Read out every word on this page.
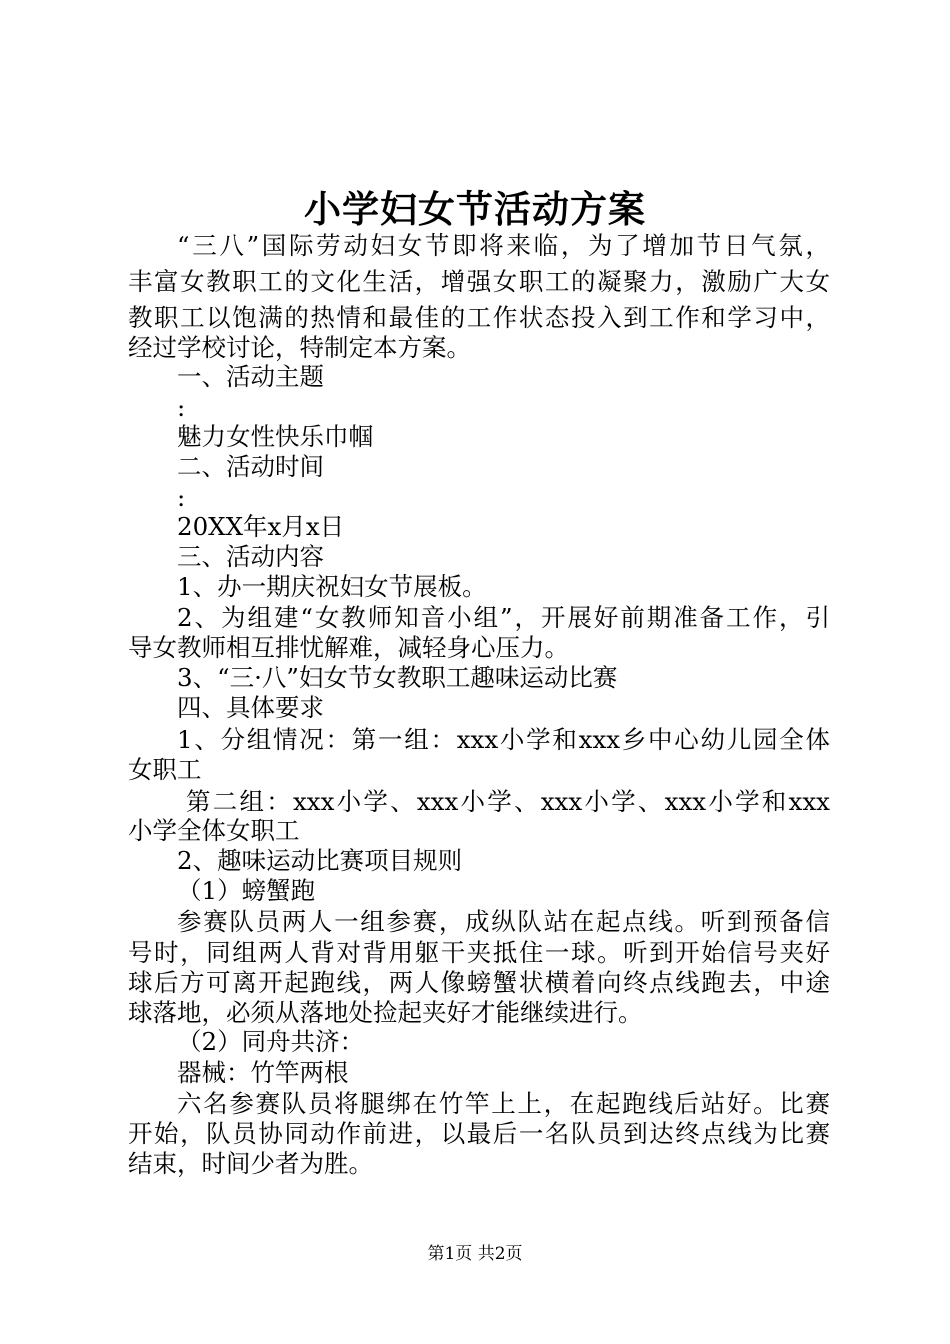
小学妇女节活动方案
“三八”国际劳动妇女节即将来临，为了增加节日气氛，
丰富女教职工的文化生活，增强女职工的凝聚力，激励广大女
教职工以饱满的热情和最佳的工作状态投入到工作和学习中，
经过学校讨论，特制定本方案。
一、活动主题
:
魅力女性快乐巾帼
二、活动时间
:
20XX年x月x日
三、活动内容
1、办一期庆祝妇女节展板。
2、为组建“女教师知音小组”，开展好前期准备工作，引
导女教师相互排忧解难，减轻身心压力。
3、“三·八”妇女节女教职工趣味运动比赛
四、具体要求
1、分组情况：第一组：xxx小学和xxx乡中心幼儿园全体
女职工
第二组：xxx小学、xxx小学、xxx小学、xxx小学和xxx
小学全体女职工
2、趣味运动比赛项目规则
（1）螃蟹跑
参赛队员两人一组参赛，成纵队站在起点线。听到预备信
号时，同组两人背对背用躯干夹抵住一球。听到开始信号夹好
球后方可离开起跑线，两人像螃蟹状横着向终点线跑去，中途
球落地，必须从落地处捡起夹好才能继续进行。
（2）同舟共济：
器械：竹竿两根
六名参赛队员将腿绑在竹竿上上，在起跑线后站好。比赛
开始，队员协同动作前进，以最后一名队员到达终点线为比赛
结束，时间少者为胜。
第1页 共2页
